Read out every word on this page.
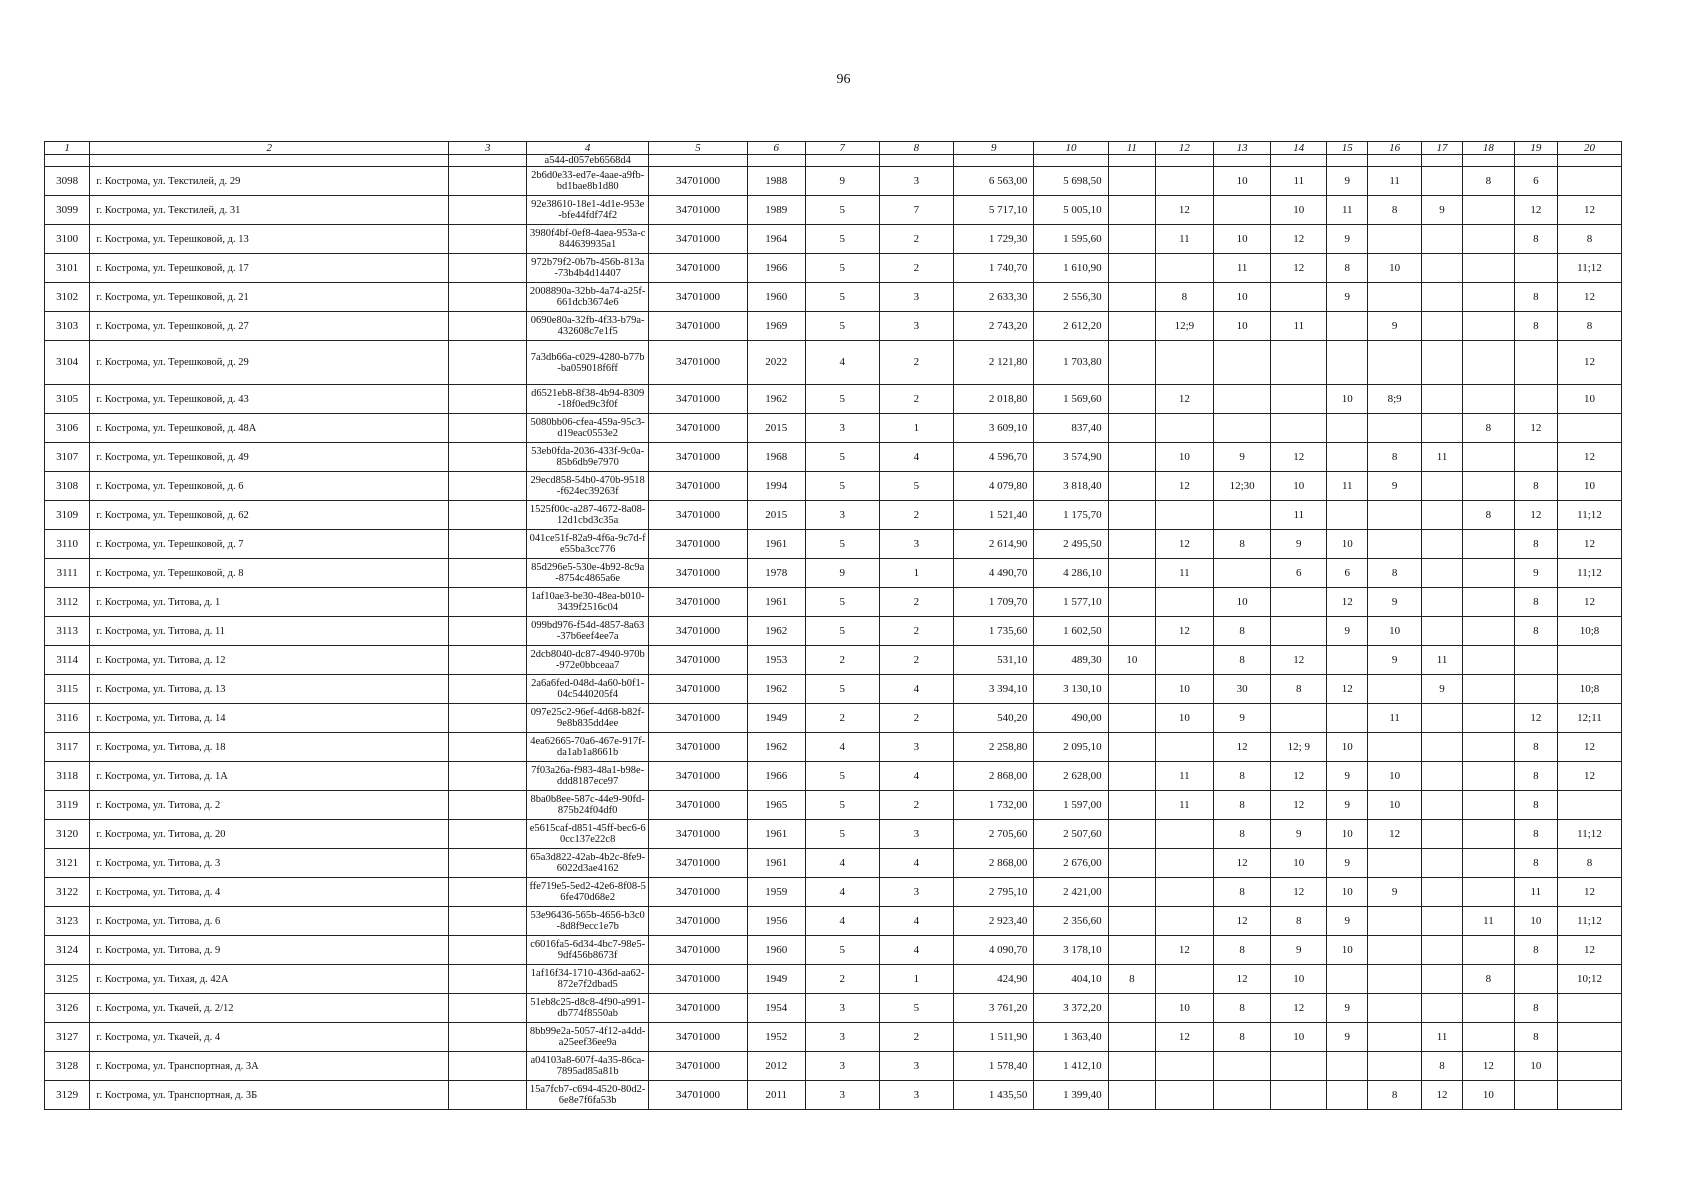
96
1	2	3	4	5	6	7	8	9	10	11	12	13	14	15	16	17	18	19	20
			a544-d057eb6568d4																
3098	г. Кострома, ул. Текстилей, д. 29		2b6d0e33-ed7e-4aae-a9fb-bd1bae8b1d80	34701000	1988	9	3	6 563,00	5 698,50			10	11	9	11		8	6	
3099	г. Кострома, ул. Текстилей, д. 31		92e38610-18e1-4d1e-953e-bfe44fdf74f2	34701000	1989	5	7	5 717,10	5 005,10		12		10	11	8	9		12	12
3100	г. Кострома, ул. Терешковой, д. 13		3980f4bf-0ef8-4aea-953a-c844639935a1	34701000	1964	5	2	1 729,30	1 595,60		11	10	12	9				8	8
3101	г. Кострома, ул. Терешковой, д. 17		972b79f2-0b7b-456b-813a-73b4b4d14407	34701000	1966	5	2	1 740,70	1 610,90			11	12	8	10				11;12
3102	г. Кострома, ул. Терешковой, д. 21		2008890a-32bb-4a74-a25f-661dcb3674e6	34701000	1960	5	3	2 633,30	2 556,30		8	10		9				8	12
3103	г. Кострома, ул. Терешковой, д. 27		0690e80a-32fb-4f33-b79a-432608c7e1f5	34701000	1969	5	3	2 743,20	2 612,20		12;9	10	11		9			8	8
3104	г. Кострома, ул. Терешковой, д. 29		7a3db66a-c029-4280-b77b-ba059018f6ff	34701000	2022	4	2	2 121,80	1 703,80										12
3105	г. Кострома, ул. Терешковой, д. 43		d6521eb8-8f38-4b94-8309-18f0ed9c3f0f	34701000	1962	5	2	2 018,80	1 569,60		12			10	8;9				10
3106	г. Кострома, ул. Терешковой, д. 48А		5080bb06-cfea-459a-95c3-d19eac0553e2	34701000	2015	3	1	3 609,10	837,40								8	12	
3107	г. Кострома, ул. Терешковой, д. 49		53eb0fda-2036-433f-9c0a-85b6db9e7970	34701000	1968	5	4	4 596,70	3 574,90		10	9	12		8	11			12
3108	г. Кострома, ул. Терешковой, д. 6		29ecd858-54b0-470b-9518-f624ec39263f	34701000	1994	5	5	4 079,80	3 818,40		12	12;30	10	11	9			8	10
3109	г. Кострома, ул. Терешковой, д. 62		1525f00c-a287-4672-8a08-12d1cbd3c35a	34701000	2015	3	2	1 521,40	1 175,70				11				8	12	11;12
3110	г. Кострома, ул. Терешковой, д. 7		041ce51f-82a9-4f6a-9c7d-fe55ba3cc776	34701000	1961	5	3	2 614,90	2 495,50		12	8	9	10				8	12
3111	г. Кострома, ул. Терешковой, д. 8		85d296e5-530e-4b92-8c9a-8754c4865a6e	34701000	1978	9	1	4 490,70	4 286,10		11		6	6	8			9	11;12
3112	г. Кострома, ул. Титова, д. 1		1af10ae3-be30-48ea-b010-3439f2516c04	34701000	1961	5	2	1 709,70	1 577,10			10		12	9			8	12
3113	г. Кострома, ул. Титова, д. 11		099bd976-f54d-4857-8a63-37b6eef4ee7a	34701000	1962	5	2	1 735,60	1 602,50		12	8		9	10			8	10;8
3114	г. Кострома, ул. Титова, д. 12		2dcb8040-dc87-4940-970b-972e0bbceaa7	34701000	1953	2	2	531,10	489,30	10		8	12		9	11			
3115	г. Кострома, ул. Титова, д. 13		2a6a6fed-048d-4a60-b0f1-04c5440205f4	34701000	1962	5	4	3 394,10	3 130,10		10	30	8	12		9			10;8
3116	г. Кострома, ул. Титова, д. 14		097e25c2-96ef-4d68-b82f-9e8b835dd4ee	34701000	1949	2	2	540,20	490,00		10	9			11			12	12;11
3117	г. Кострома, ул. Титова, д. 18		4ea62665-70a6-467e-917f-da1ab1a8661b	34701000	1962	4	3	2 258,80	2 095,10			12	12; 9	10				8	12
3118	г. Кострома, ул. Титова, д. 1А		7f03a26a-f983-48a1-b98e-ddd8187ece97	34701000	1966	5	4	2 868,00	2 628,00		11	8	12	9	10			8	12
3119	г. Кострома, ул. Титова, д. 2		8ba0b8ee-587c-44e9-90fd-875b24f04df0	34701000	1965	5	2	1 732,00	1 597,00		11	8	12	9	10			8	
3120	г. Кострома, ул. Титова, д. 20		e5615caf-d851-45ff-bec6-60cc137e22c8	34701000	1961	5	3	2 705,60	2 507,60			8	9	10	12			8	11;12
3121	г. Кострома, ул. Титова, д. 3		65a3d822-42ab-4b2c-8fe9-6022d3ae4162	34701000	1961	4	4	2 868,00	2 676,00			12	10	9				8	8
3122	г. Кострома, ул. Титова, д. 4		ffe719e5-5ed2-42e6-8f08-56fe470d68e2	34701000	1959	4	3	2 795,10	2 421,00			8	12	10	9			11	12
3123	г. Кострома, ул. Титова, д. 6		53e96436-565b-4656-b3c0-8d8f9ecc1e7b	34701000	1956	4	4	2 923,40	2 356,60			12	8	9			11	10	11;12
3124	г. Кострома, ул. Титова, д. 9		c6016fa5-6d34-4bc7-98e5-9df456b8673f	34701000	1960	5	4	4 090,70	3 178,10		12	8	9	10				8	12
3125	г. Кострома, ул. Тихая, д. 42А		1af16f34-1710-436d-aa62-872e7f2dbad5	34701000	1949	2	1	424,90	404,10	8		12	10				8		10;12
3126	г. Кострома, ул. Ткачей, д. 2/12		51eb8c25-d8c8-4f90-a991-db774f8550ab	34701000	1954	3	5	3 761,20	3 372,20		10	8	12	9				8	
3127	г. Кострома, ул. Ткачей, д. 4		8bb99e2a-5057-4f12-a4dd-a25eef36ee9a	34701000	1952	3	2	1 511,90	1 363,40		12	8	10	9		11		8	
3128	г. Кострома, ул. Транспортная, д. 3А		a04103a8-607f-4a35-86ca-7895ad85a81b	34701000	2012	3	3	1 578,40	1 412,10							8	12	10	
3129	г. Кострома, ул. Транспортная, д. 3Б		15a7fcb7-c694-4520-80d2-6e8e7f6fa53b	34701000	2011	3	3	1 435,50	1 399,40						8	12	10		
